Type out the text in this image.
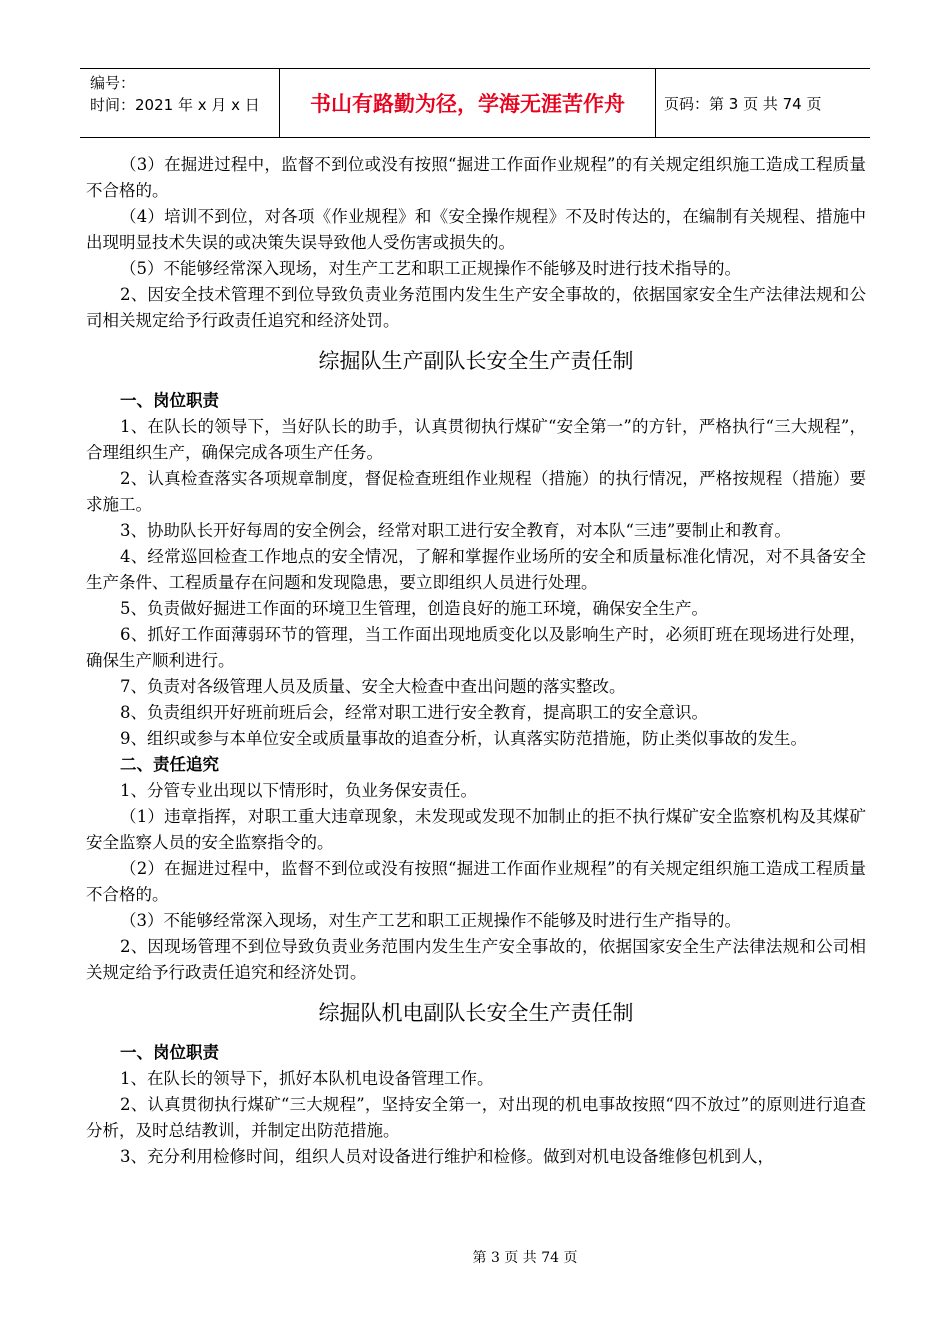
编号：
时间：2021 年 x 月 x 日	书山有路勤为径，学海无涯苦作舟	页码：第 3 页 共 74 页

（3）在掘进过程中，监督不到位或没有按照“掘进工作面作业规程”的有关规定组织施工造成工程质量不合格的。

（4）培训不到位，对各项《作业规程》和《安全操作规程》不及时传达的，在编制有关规程、措施中出现明显技术失误的或决策失误导致他人受伤害或损失的。

（5）不能够经常深入现场，对生产工艺和职工正规操作不能够及时进行技术指导的。

2、因安全技术管理不到位导致负责业务范围内发生生产安全事故的，依据国家安全生产法律法规和公司相关规定给予行政责任追究和经济处罚。

综掘队生产副队长安全生产责任制

一、岗位职责

1、在队长的领导下，当好队长的助手，认真贯彻执行煤矿“安全第一”的方针，严格执行“三大规程”，合理组织生产，确保完成各项生产任务。

2、认真检查落实各项规章制度，督促检查班组作业规程（措施）的执行情况，严格按规程（措施）要求施工。

3、协助队长开好每周的安全例会，经常对职工进行安全教育，对本队“三违”要制止和教育。

4、经常巡回检查工作地点的安全情况，了解和掌握作业场所的安全和质量标准化情况，对不具备安全生产条件、工程质量存在问题和发现隐患，要立即组织人员进行处理。

5、负责做好掘进工作面的环境卫生管理，创造良好的施工环境，确保安全生产。

6、抓好工作面薄弱环节的管理，当工作面出现地质变化以及影响生产时，必须盯班在现场进行处理，确保生产顺利进行。

7、负责对各级管理人员及质量、安全大检查中查出问题的落实整改。

8、负责组织开好班前班后会，经常对职工进行安全教育，提高职工的安全意识。

9、组织或参与本单位安全或质量事故的追查分析，认真落实防范措施，防止类似事故的发生。

二、责任追究

1、分管专业出现以下情形时，负业务保安责任。

（1）违章指挥，对职工重大违章现象，未发现或发现不加制止的拒不执行煤矿安全监察机构及其煤矿安全监察人员的安全监察指令的。

（2）在掘进过程中，监督不到位或没有按照“掘进工作面作业规程”的有关规定组织施工造成工程质量不合格的。

（3）不能够经常深入现场，对生产工艺和职工正规操作不能够及时进行生产指导的。

2、因现场管理不到位导致负责业务范围内发生生产安全事故的，依据国家安全生产法律法规和公司相关规定给予行政责任追究和经济处罚。

综掘队机电副队长安全生产责任制

一、岗位职责

1、在队长的领导下，抓好本队机电设备管理工作。

2、认真贯彻执行煤矿“三大规程”，坚持安全第一，对出现的机电事故按照“四不放过”的原则进行追查分析，及时总结教训，并制定出防范措施。

3、充分利用检修时间，组织人员对设备进行维护和检修。做到对机电设备维修包机到人，

第 3 页 共 74 页
